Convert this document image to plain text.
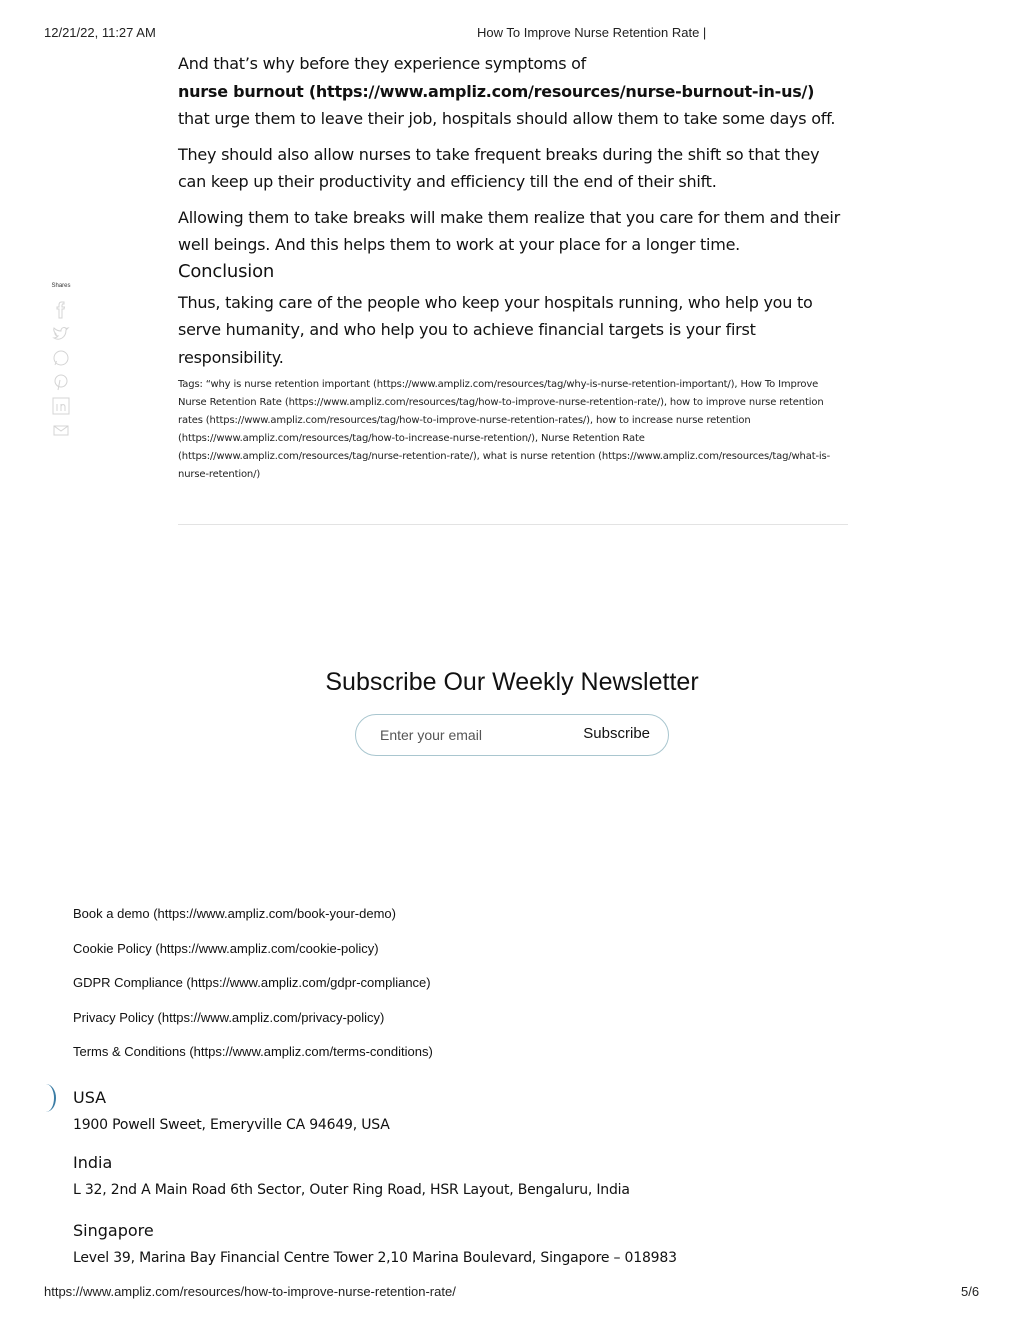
12/21/22, 11:27 AM	How To Improve Nurse Retention Rate |
Shares

And that’s why before they experience symptoms of
nurse burnout (https://www.ampliz.com/resources/nurse-burnout-in-us/) that urge them to leave their job, hospitals should allow them to take some days off.

They should also allow nurses to take frequent breaks during the shift so that they can keep up their productivity and efficiency till the end of their shift.

Allowing them to take breaks will make them realize that you care for them and their well beings. And this helps them to work at your place for a longer time.

Conclusion

Thus, taking care of the people who keep your hospitals running, who help you to serve humanity, and who help you to achieve financial targets is your first responsibility.

Tags: “why is nurse retention important (https://www.ampliz.com/resources/tag/why-is-nurse-retention-important/), How To Improve Nurse Retention Rate (https://www.ampliz.com/resources/tag/how-to-improve-nurse-retention-rate/), how to improve nurse retention rates (https://www.ampliz.com/resources/tag/how-to-improve-nurse-retention-rates/), how to increase nurse retention (https://www.ampliz.com/resources/tag/how-to-increase-nurse-retention/), Nurse Retention Rate (https://www.ampliz.com/resources/tag/nurse-retention-rate/), what is nurse retention (https://www.ampliz.com/resources/tag/what-is-nurse-retention/)
Subscribe Our Weekly Newsletter
Enter your email
Subscribe
Book a demo (https://www.ampliz.com/book-your-demo)
Cookie Policy (https://www.ampliz.com/cookie-policy)
GDPR Compliance (https://www.ampliz.com/gdpr-compliance)
Privacy Policy (https://www.ampliz.com/privacy-policy)
Terms & Conditions (https://www.ampliz.com/terms-conditions)
USA
1900 Powell Sweet, Emeryville CA 94649, USA
India
L 32, 2nd A Main Road 6th Sector, Outer Ring Road, HSR Layout, Bengaluru, India
Singapore
Level 39, Marina Bay Financial Centre Tower 2,10 Marina Boulevard, Singapore – 018983
https://www.ampliz.com/resources/how-to-improve-nurse-retention-rate/	5/6
